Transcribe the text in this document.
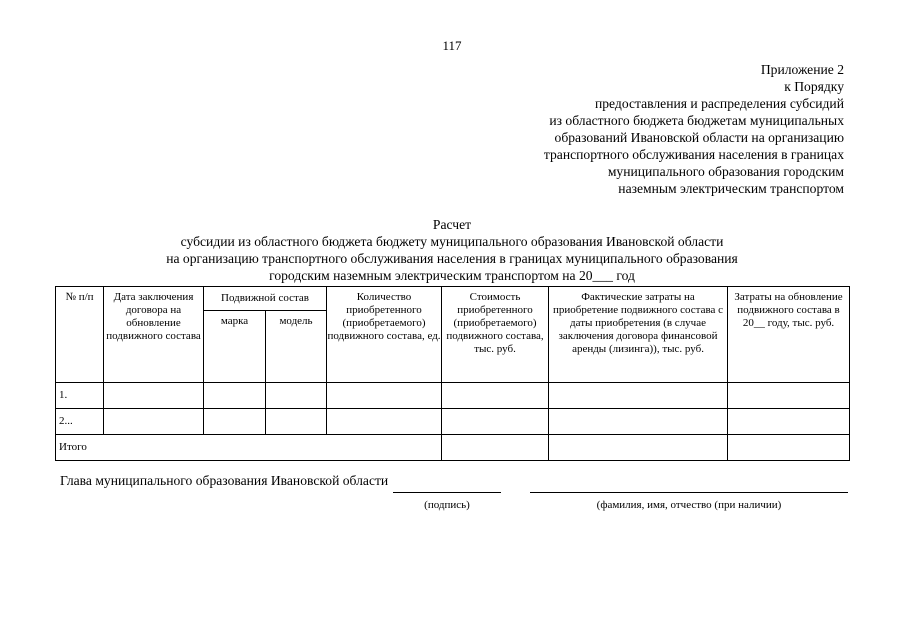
117
Приложение 2
к Порядку
предоставления и распределения субсидий
из областного бюджета бюджетам муниципальных
образований Ивановской области на организацию
транспортного обслуживания населения в границах
муниципального образования городским
наземным электрическим транспортом
Расчет
субсидии из областного бюджета бюджету муниципального образования Ивановской области
на организацию транспортного обслуживания населения в границах муниципального образования
городским наземным электрическим транспортом на 20___ год
№ п/п	Дата заключения договора на обновление подвижного состава	Подвижной состав		Количество приобретенного (приобретаемого) подвижного состава, ед.	Стоимость приобретенного (приобретаемого) подвижного состава, тыс. руб.	Фактические затраты на приобретение подвижного состава с даты приобретения (в случае заключения договора финансовой аренды (лизинга)), тыс. руб.	Затраты на обновление подвижного состава в 20__ году, тыс. руб.
		марка	модель				
1.							
2...							
Итого							
Глава муниципального образования Ивановской области
(подпись)	(фамилия, имя, отчество (при наличии)
